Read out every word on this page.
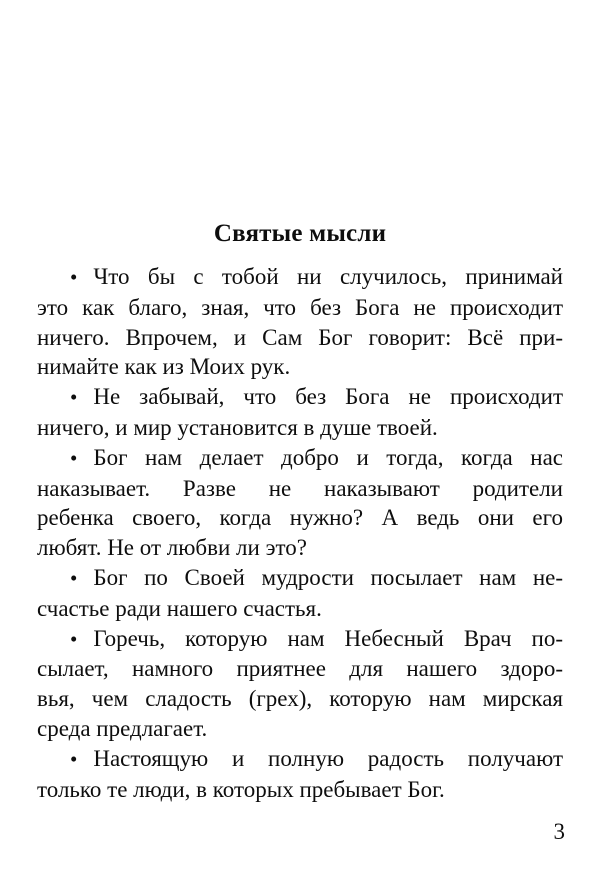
Святые мысли
• Что бы с тобой ни случилось, принимай
это как благо, зная, что без Бога не происходит
ничего. Впрочем, и Сам Бог говорит: Всё при-
нимайте как из Моих рук.
• Не забывай, что без Бога не происходит
ничего, и мир установится в душе твоей.
• Бог нам делает добро и тогда, когда нас
наказывает. Разве не наказывают родители
ребенка своего, когда нужно? А ведь они его
любят. Не от любви ли это?
• Бог по Своей мудрости посылает нам не-
счастье ради нашего счастья.
• Горечь, которую нам Небесный Врач по-
сылает, намного приятнее для нашего здоро-
вья, чем сладость (грех), которую нам мирская
среда предлагает.
• Настоящую и полную радость получают
только те люди, в которых пребывает Бог.
3
